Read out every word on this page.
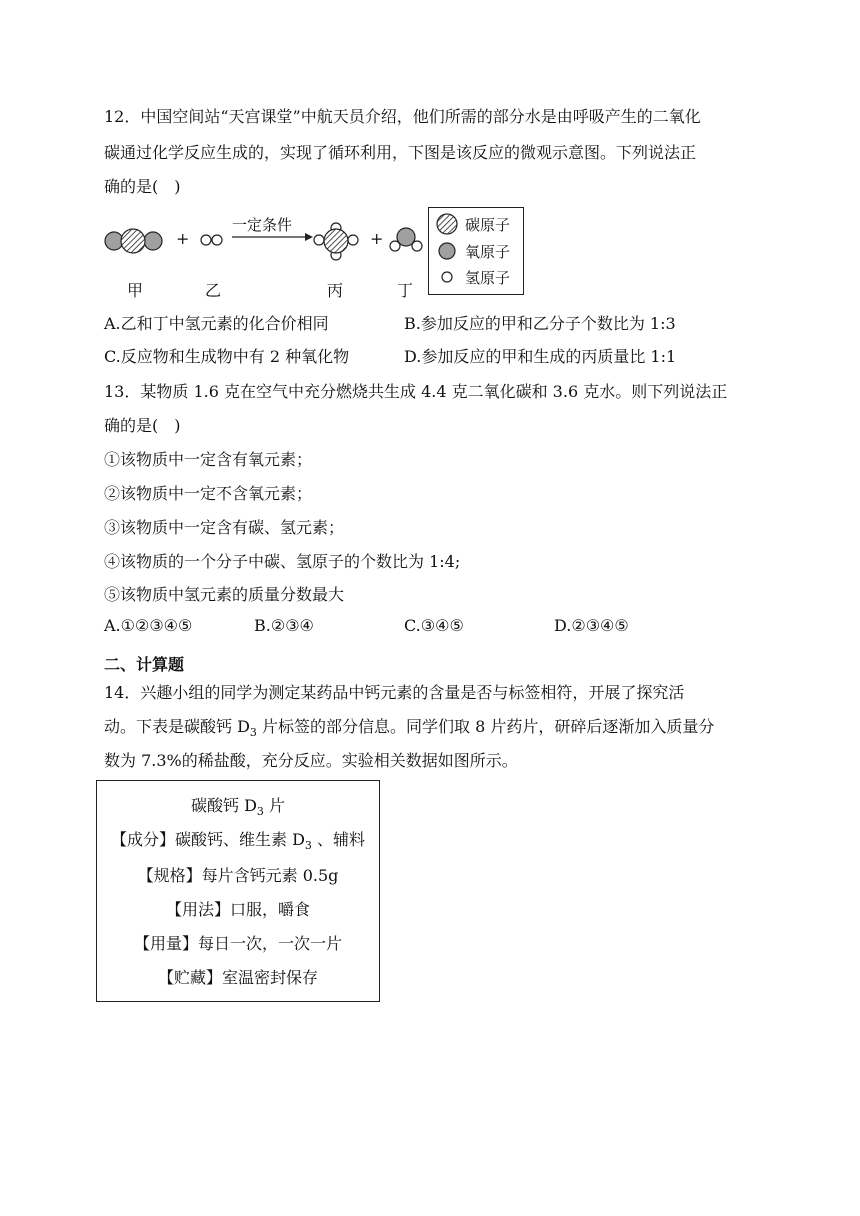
12．中国空间站“天宫课堂”中航天员介绍，他们所需的部分水是由呼吸产生的二氧化
碳通过化学反应生成的，实现了循环利用，下图是该反应的微观示意图。下列说法正
确的是(　)
+
一定条件
+
甲	乙	丙	丁
碳原子
氧原子
氢原子
A.乙和丁中氢元素的化合价相同	B.参加反应的甲和乙分子个数比为 1:3
C.反应物和生成物中有 2 种氧化物	D.参加反应的甲和生成的丙质量比 1:1
13．某物质 1.6 克在空气中充分燃烧共生成 4.4 克二氧化碳和 3.6 克水。则下列说法正
确的是(　)
①该物质中一定含有氧元素；
②该物质中一定不含氧元素；
③该物质中一定含有碳、氢元素；
④该物质的一个分子中碳、氢原子的个数比为 1:4;
⑤该物质中氢元素的质量分数最大
A.①②③④⑤	B.②③④	C.③④⑤	D.②③④⑤
二、计算题
14．兴趣小组的同学为测定某药品中钙元素的含量是否与标签相符，开展了探究活
动。下表是碳酸钙 $D_3$ 片标签的部分信息。同学们取 8 片药片，研碎后逐渐加入质量分
数为 7.3%的稀盐酸，充分反应。实验相关数据如图所示。
碳酸钙 $D_3$ 片
【成分】碳酸钙、维生素 $D_3$ 、辅料
【规格】每片含钙元素 0.5g
【用法】口服，嚼食
【用量】每日一次，一次一片
【贮藏】室温密封保存
